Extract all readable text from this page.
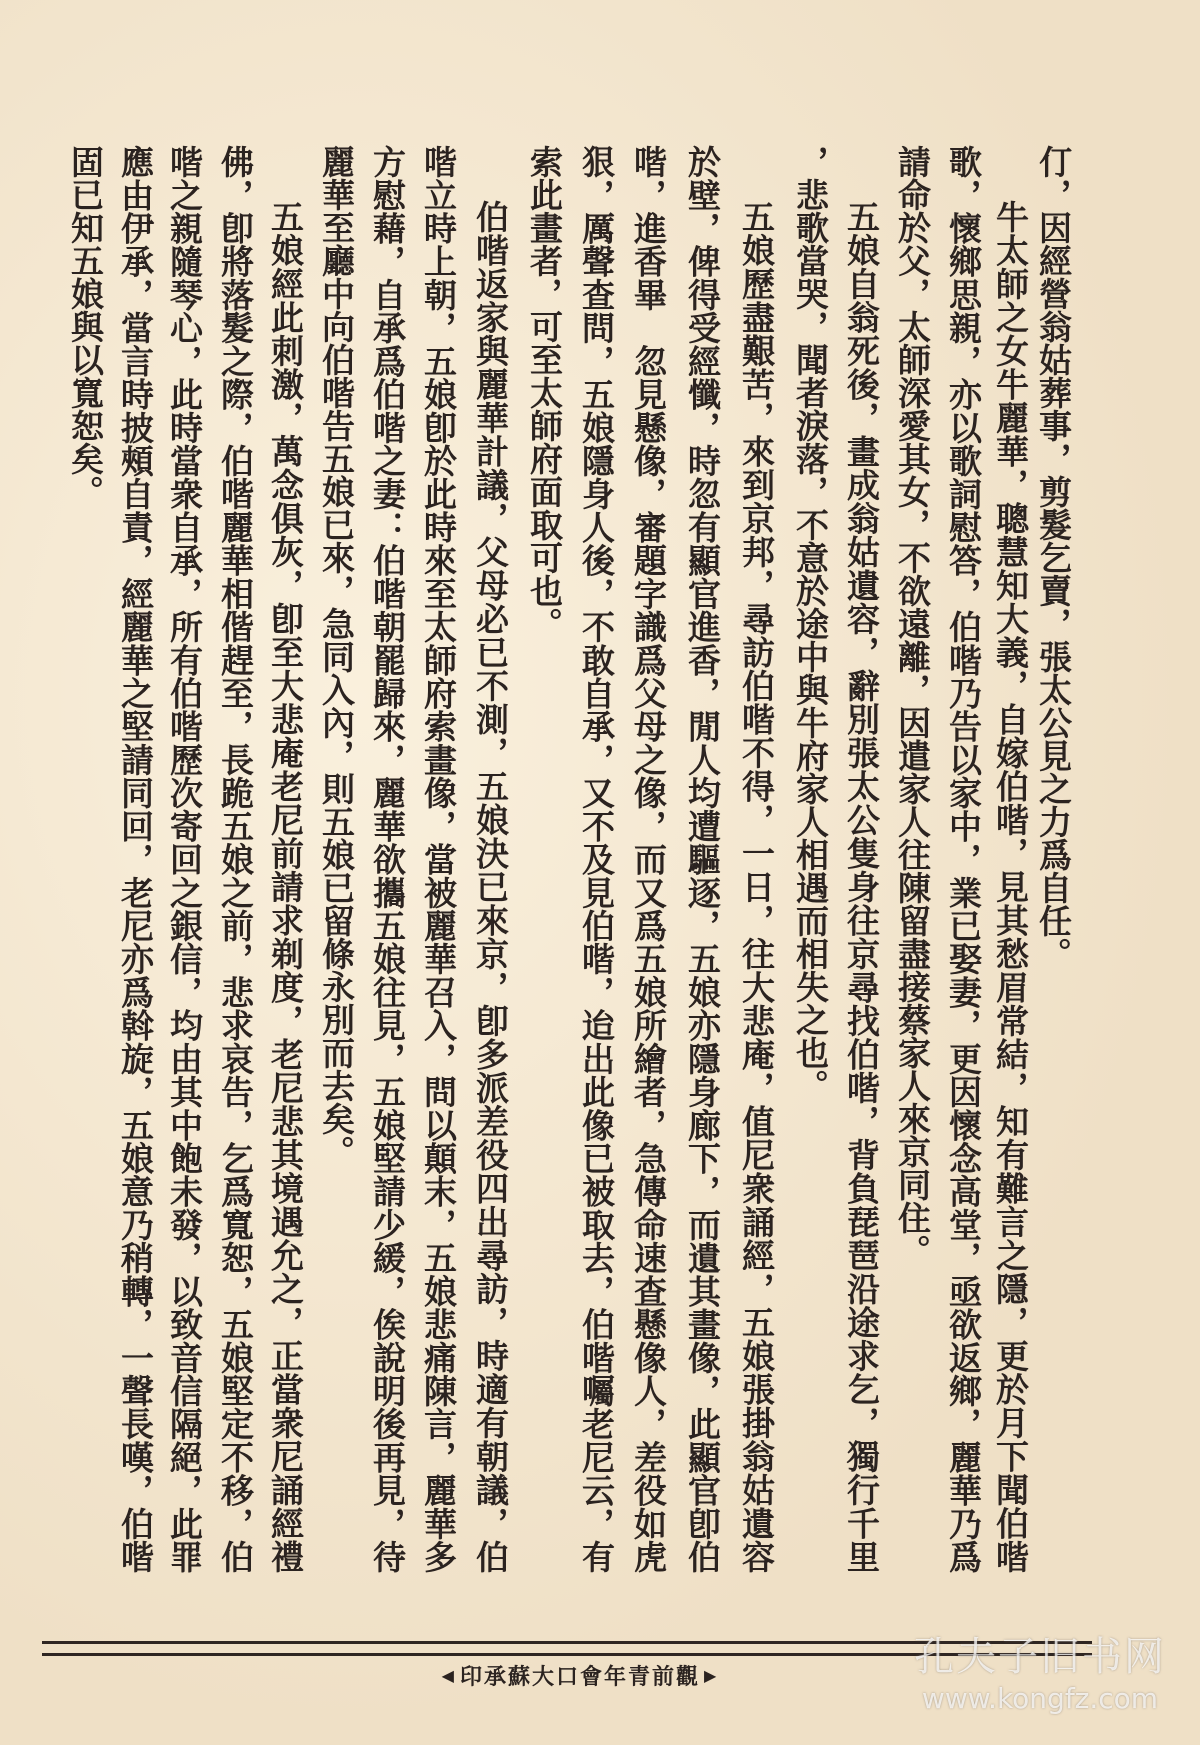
仃，因經營翁姑葬事，剪髮乞賣，張太公見之力爲自任。
牛太師之女牛麗華，聰慧知大義，自嫁伯喈，見其愁眉常結，知有難言之隱，更於月下聞伯喈
歌，懷鄉思親，亦以歌詞慰答，伯喈乃告以家中，業已娶妻，更因懷念高堂，亟欲返鄉，麗華乃爲
請命於父，太師深愛其女，不欲遠離，因遣家人往陳留盡接蔡家人來京同住。
五娘自翁死後，畫成翁姑遺容，辭別張太公隻身往京尋找伯喈，背負琵琶沿途求乞，獨行千里
，悲歌當哭，聞者淚落，不意於途中與牛府家人相遇而相失之也。
五娘歷盡艱苦，來到京邦，尋訪伯喈不得，一日，往大悲庵，值尼衆誦經，五娘張掛翁姑遺容
於壁，俾得受經懺，時忽有顯官進香，閒人均遭驅逐，五娘亦隱身廊下，而遺其畫像，此顯官卽伯
喈，進香畢　忽見懸像，審題字識爲父母之像，而又爲五娘所繪者，急傳命速查懸像人，差役如虎
狠，厲聲查問，五娘隱身人後，不敢自承，又不及見伯喈，迨出此像已被取去，伯喈囑老尼云，有
索此畫者，可至太師府面取可也。
伯喈返家與麗華計議，父母必已不測，五娘決已來京，卽多派差役四出尋訪，時適有朝議，伯
喈立時上朝，五娘卽於此時來至太師府索畫像，當被麗華召入，問以顛末，五娘悲痛陳言，麗華多
方慰藉，自承爲伯喈之妻：伯喈朝罷歸來，麗華欲攜五娘往見，五娘堅請少緩，俟說明後再見，待
麗華至廳中向伯喈告五娘已來，急同入內，則五娘已留條永別而去矣。
五娘經此刺激，萬念俱灰，卽至大悲庵老尼前請求剃度，老尼悲其境遇允之，正當衆尼誦經禮
佛，卽將落髮之際，伯喈麗華相偕趕至，長跪五娘之前，悲求哀告，乞爲寬恕，五娘堅定不移，伯
喈之親隨琴心，此時當衆自承，所有伯喈歷次寄回之銀信，均由其中飽未發，以致音信隔絕，此罪
應由伊承，當言時披頰自責，經麗華之堅請同回，老尼亦爲斡旋，五娘意乃稍轉，一聲長嘆，伯喈
固已知五娘與以寬恕矣。
◀ 印承蘇大口會年青前觀 ▶	孔夫子旧书网
www.kongfz.com
